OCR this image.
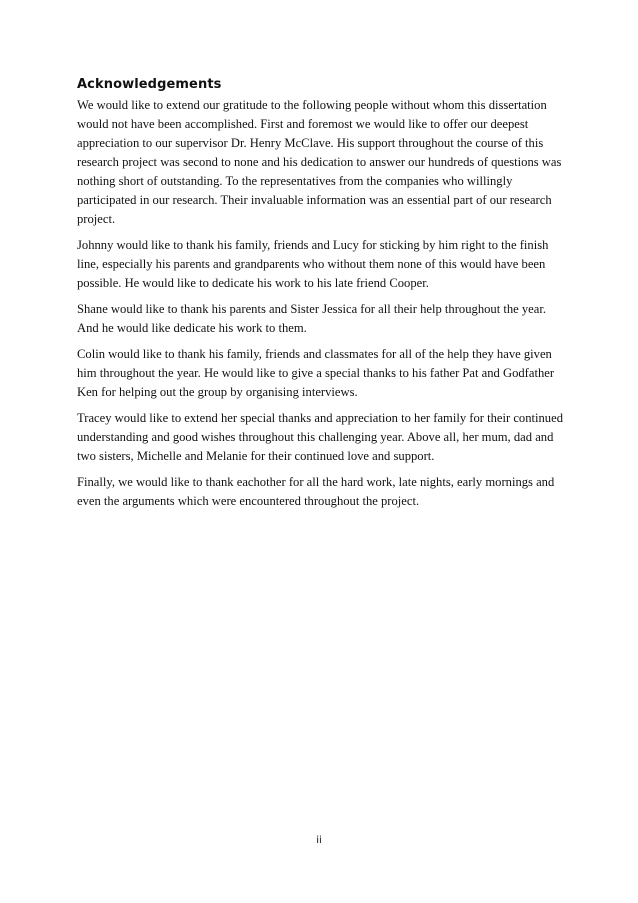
Acknowledgements

We would like to extend our gratitude to the following people without whom this dissertation would not have been accomplished. First and foremost we would like to offer our deepest appreciation to our supervisor Dr. Henry McClave. His support throughout the course of this research project was second to none and his dedication to answer our hundreds of questions was nothing short of outstanding. To the representatives from the companies who willingly participated in our research. Their invaluable information was an essential part of our research project.

Johnny would like to thank his family, friends and Lucy for sticking by him right to the finish line, especially his parents and grandparents who without them none of this would have been possible. He would like to dedicate his work to his late friend Cooper.

Shane would like to thank his parents and Sister Jessica for all their help throughout the year. And he would like dedicate his work to them.

Colin would like to thank his family, friends and classmates for all of the help they have given him throughout the year. He would like to give a special thanks to his father Pat and Godfather Ken for helping out the group by organising interviews.

Tracey would like to extend her special thanks and appreciation to her family for their continued understanding and good wishes throughout this challenging year. Above all, her mum, dad and two sisters, Michelle and Melanie for their continued love and support.

Finally, we would like to thank eachother for all the hard work, late nights, early mornings and even the arguments which were encountered throughout the project.

ii
